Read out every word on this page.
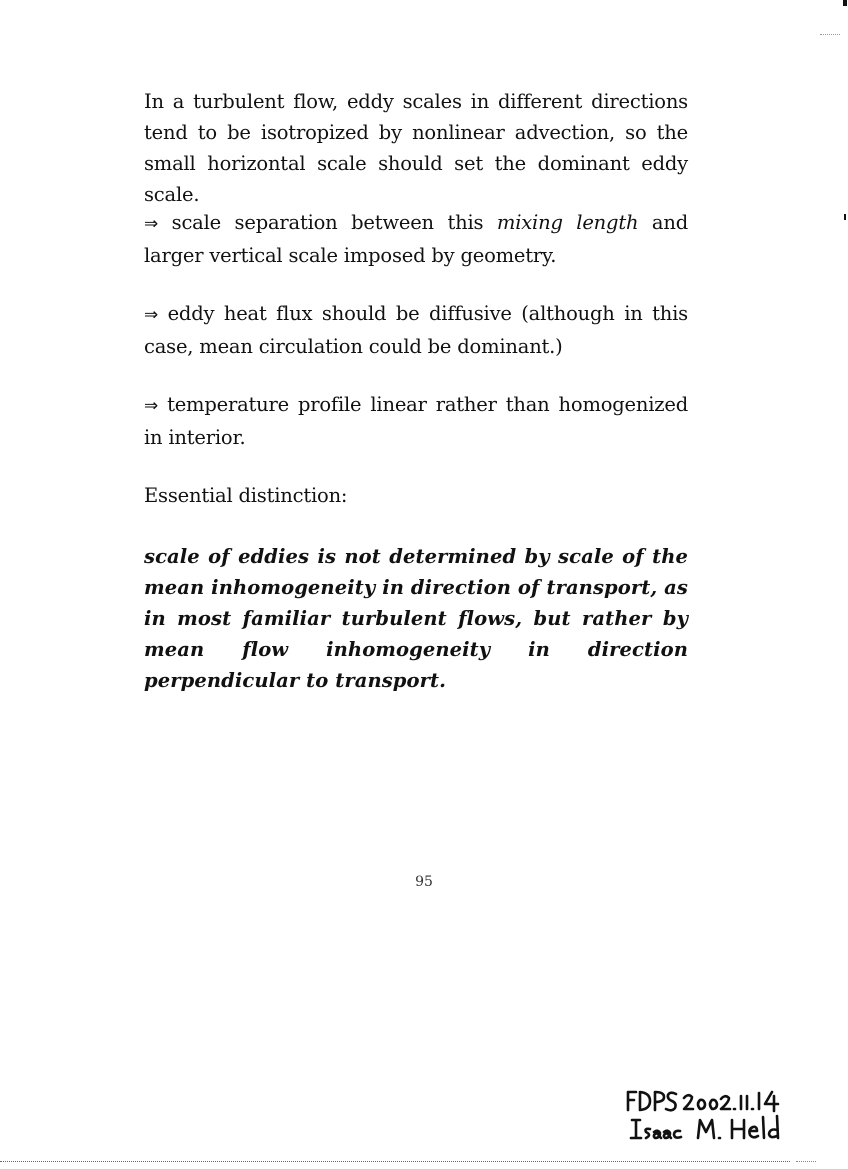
In a turbulent flow, eddy scales in different directions tend to be isotropized by nonlinear advection, so the small horizontal scale should set the dominant eddy scale.

⇒ scale separation between this mixing length and larger vertical scale imposed by geometry.

⇒ eddy heat flux should be diffusive (although in this case, mean circulation could be dominant.)

⇒ temperature profile linear rather than homogenized in interior.

Essential distinction:

scale of eddies is not determined by scale of the mean inhomogeneity in direction of transport, as in most familiar turbulent flows, but rather by mean flow inhomogeneity in direction perpendicular to transport.

95
